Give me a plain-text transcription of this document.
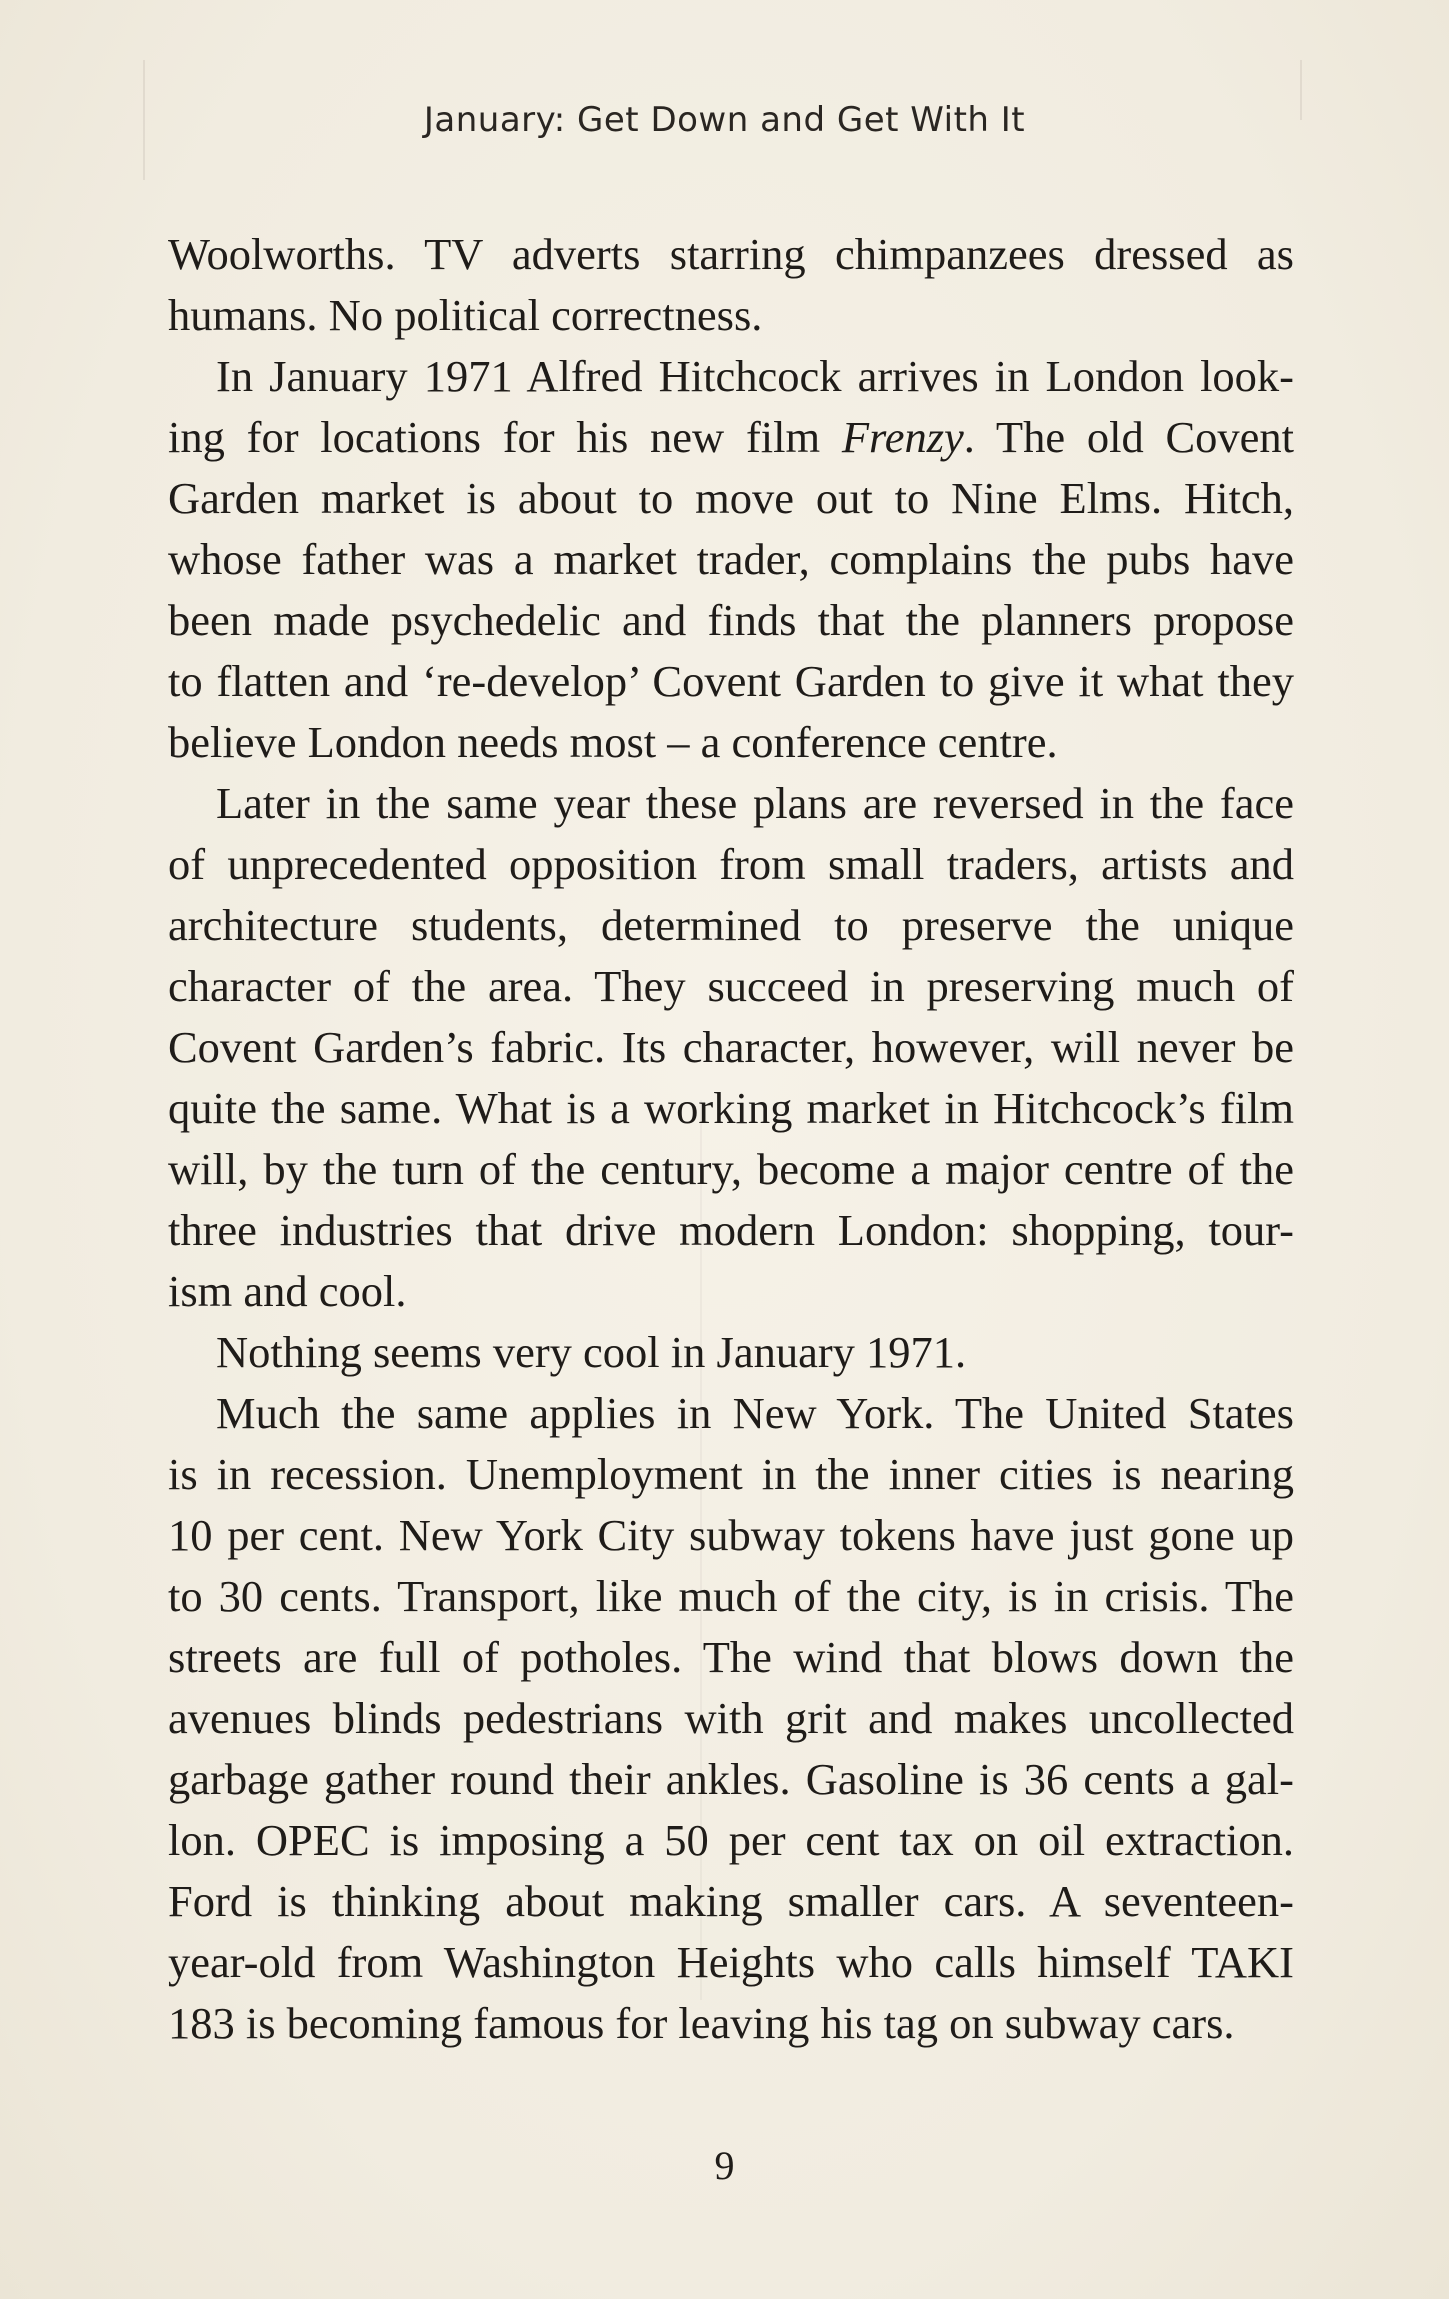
January: Get Down and Get With It
Woolworths. TV adverts starring chimpanzees dressed as
humans. No political correctness.
In January 1971 Alfred Hitchcock arrives in London look-
ing for locations for his new film Frenzy. The old Covent
Garden market is about to move out to Nine Elms. Hitch,
whose father was a market trader, complains the pubs have
been made psychedelic and finds that the planners propose
to flatten and ‘re-develop’ Covent Garden to give it what they
believe London needs most – a conference centre.
Later in the same year these plans are reversed in the face
of unprecedented opposition from small traders, artists and
architecture students, determined to preserve the unique
character of the area. They succeed in preserving much of
Covent Garden’s fabric. Its character, however, will never be
quite the same. What is a working market in Hitchcock’s film
will, by the turn of the century, become a major centre of the
three industries that drive modern London: shopping, tour-
ism and cool.
Nothing seems very cool in January 1971.
Much the same applies in New York. The United States
is in recession. Unemployment in the inner cities is nearing
10 per cent. New York City subway tokens have just gone up
to 30 cents. Transport, like much of the city, is in crisis. The
streets are full of potholes. The wind that blows down the
avenues blinds pedestrians with grit and makes uncollected
garbage gather round their ankles. Gasoline is 36 cents a gal-
lon. OPEC is imposing a 50 per cent tax on oil extraction.
Ford is thinking about making smaller cars. A seventeen-
year-old from Washington Heights who calls himself TAKI
183 is becoming famous for leaving his tag on subway cars.
9
